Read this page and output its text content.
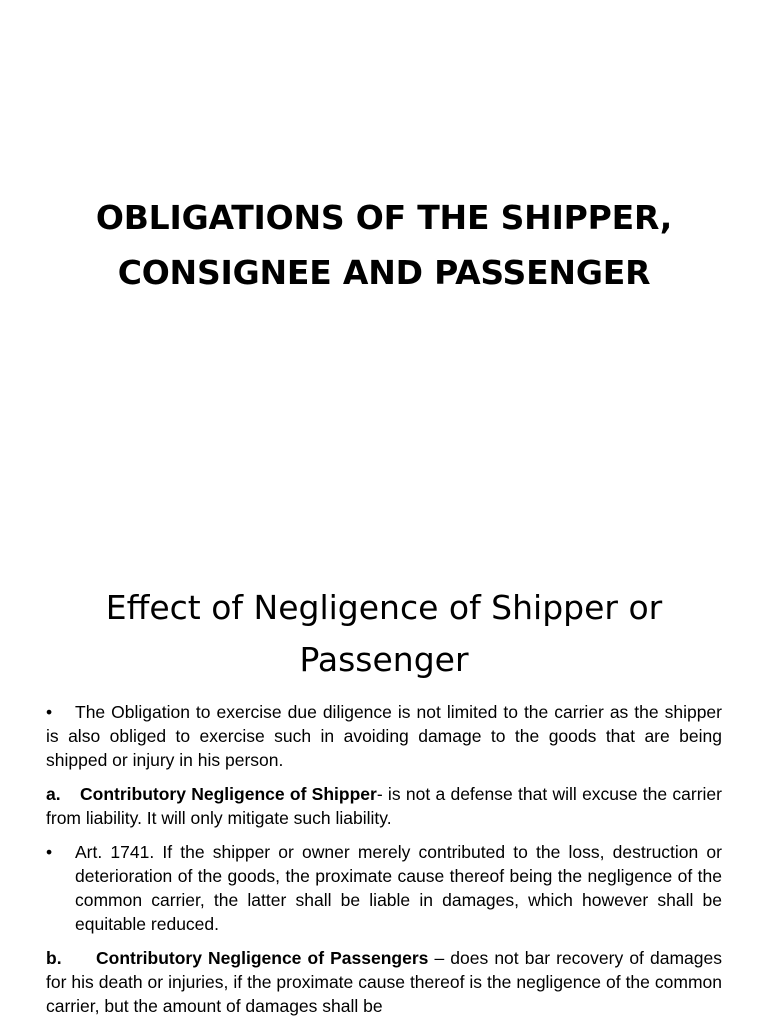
OBLIGATIONS OF THE SHIPPER,
CONSIGNEE AND PASSENGER
Effect of Negligence of Shipper or
Passenger
• The Obligation to exercise due diligence is not limited to the carrier as the shipper is also obliged to exercise such in avoiding damage to the goods that are being shipped or injury in his person.
a. Contributory Negligence of Shipper- is not a defense that will excuse the carrier from liability. It will only mitigate such liability.
•	Art. 1741. If the shipper or owner merely contributed to the loss, destruction or deterioration of the goods, the proximate cause thereof being the negligence of the common carrier, the latter shall be liable in damages, which however shall be equitable reduced.
b. Contributory Negligence of Passengers – does not bar recovery of damages for his death or injuries, if the proximate cause thereof is the negligence of the common carrier, but the amount of damages shall be
